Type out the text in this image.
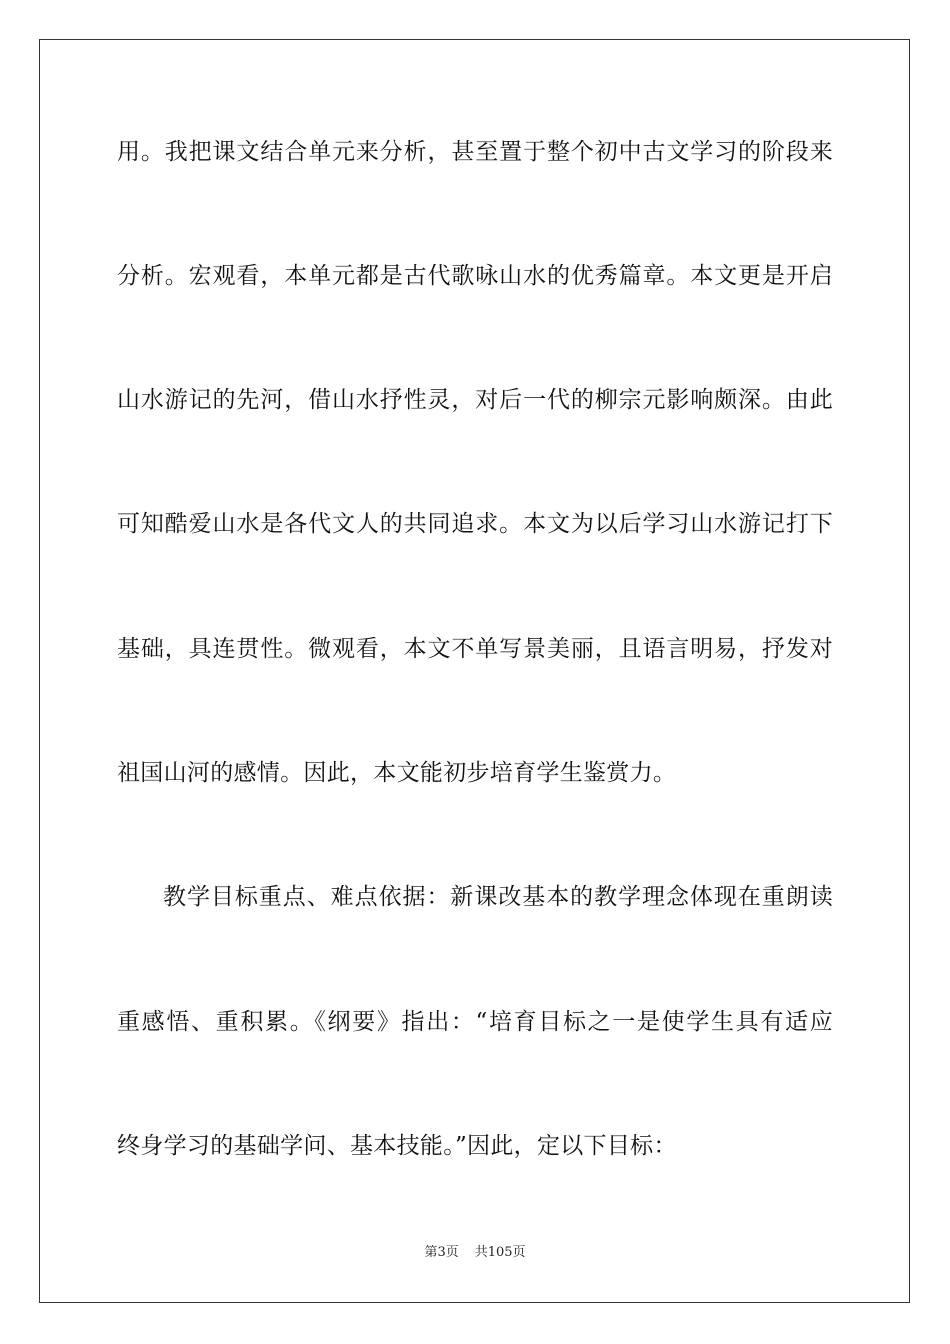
用。我把课文结合单元来分析，甚至置于整个初中古文学习的阶段来
分析。宏观看，本单元都是古代歌咏山水的优秀篇章。本文更是开启
山水游记的先河，借山水抒性灵，对后一代的柳宗元影响颇深。由此
可知酷爱山水是各代文人的共同追求。本文为以后学习山水游记打下
基础，具连贯性。微观看，本文不单写景美丽，且语言明易，抒发对
祖国山河的感情。因此，本文能初步培育学生鉴赏力。
教学目标重点、难点依据：新课改基本的教学理念体现在重朗读
重感悟、重积累。《纲要》指出：“培育目标之一是使学生具有适应
终身学习的基础学问、基本技能。”因此，定以下目标：
第3页 共105页
